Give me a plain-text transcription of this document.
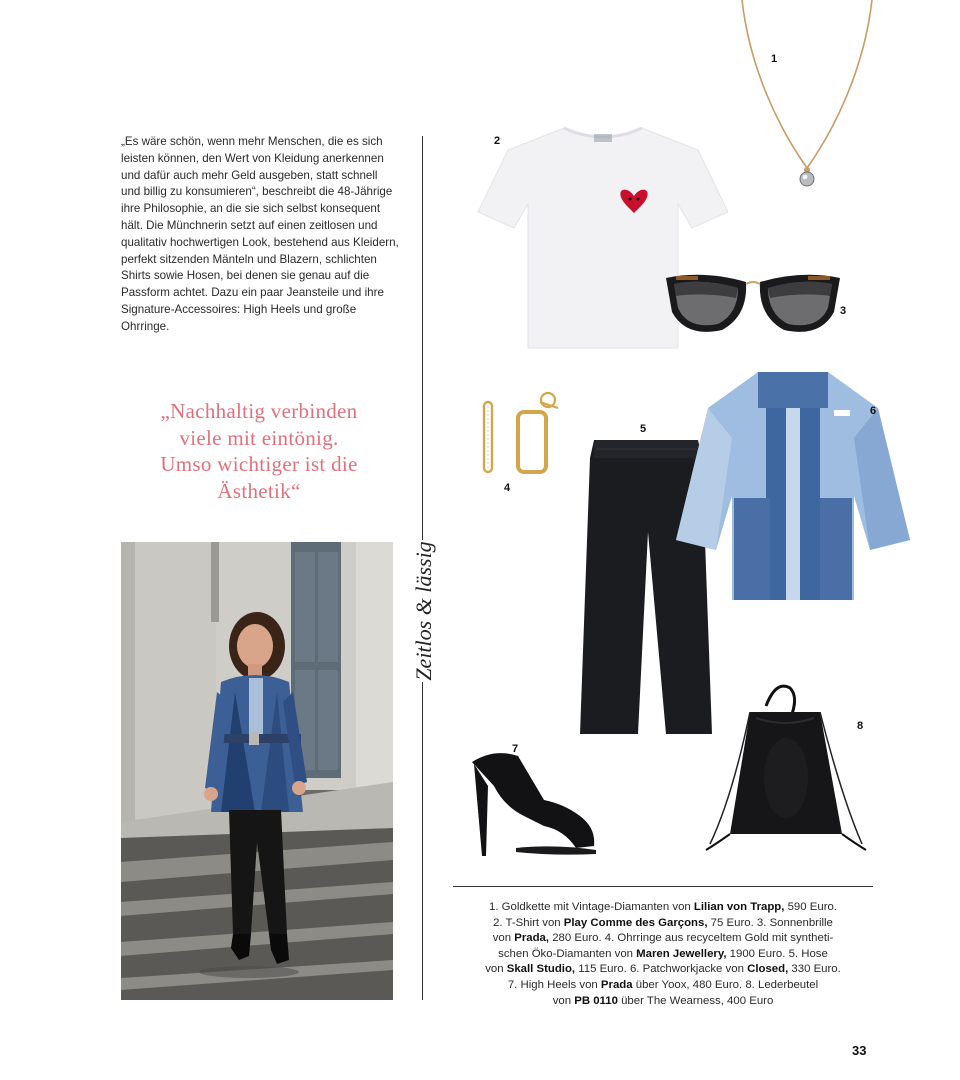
„Es wäre schön, wenn mehr Menschen, die es sich leisten können, den Wert von Kleidung anerkennen und dafür auch mehr Geld ausgeben, statt schnell und billig zu konsumieren“, beschreibt die 48-Jährige ihre Philosophie, an die sie sich selbst konsequent hält. Die Münchnerin setzt auf einen zeitlosen und qualitativ hochwertigen Look, bestehend aus Kleidern, perfekt sitzenden Mänteln und Blazern, schlichten Shirts sowie Hosen, bei denen sie genau auf die Passform achtet. Dazu ein paar Jeansteile und ihre Signature-Accessoires: High Heels und große Ohrringe.

„Nachhaltig verbinden
viele mit eintönig.
Umso wichtiger ist die
Ästhetik“
Zeitlos & lässig
1
2
3
4
5
6
7
8
1. Goldkette mit Vintage-Diamanten von Lilian von Trapp, 590 Euro.
2. T-Shirt von Play Comme des Garçons, 75 Euro. 3. Sonnenbrille
von Prada, 280 Euro. 4. Ohrringe aus recyceltem Gold mit syntheti-
schen Öko-Diamanten von Maren Jewellery, 1900 Euro. 5. Hose
von Skall Studio, 115 Euro. 6. Patchworkjacke von Closed, 330 Euro.
7. High Heels von Prada über Yoox, 480 Euro. 8. Lederbeutel
von PB 0110 über The Wearness, 400 Euro
33
